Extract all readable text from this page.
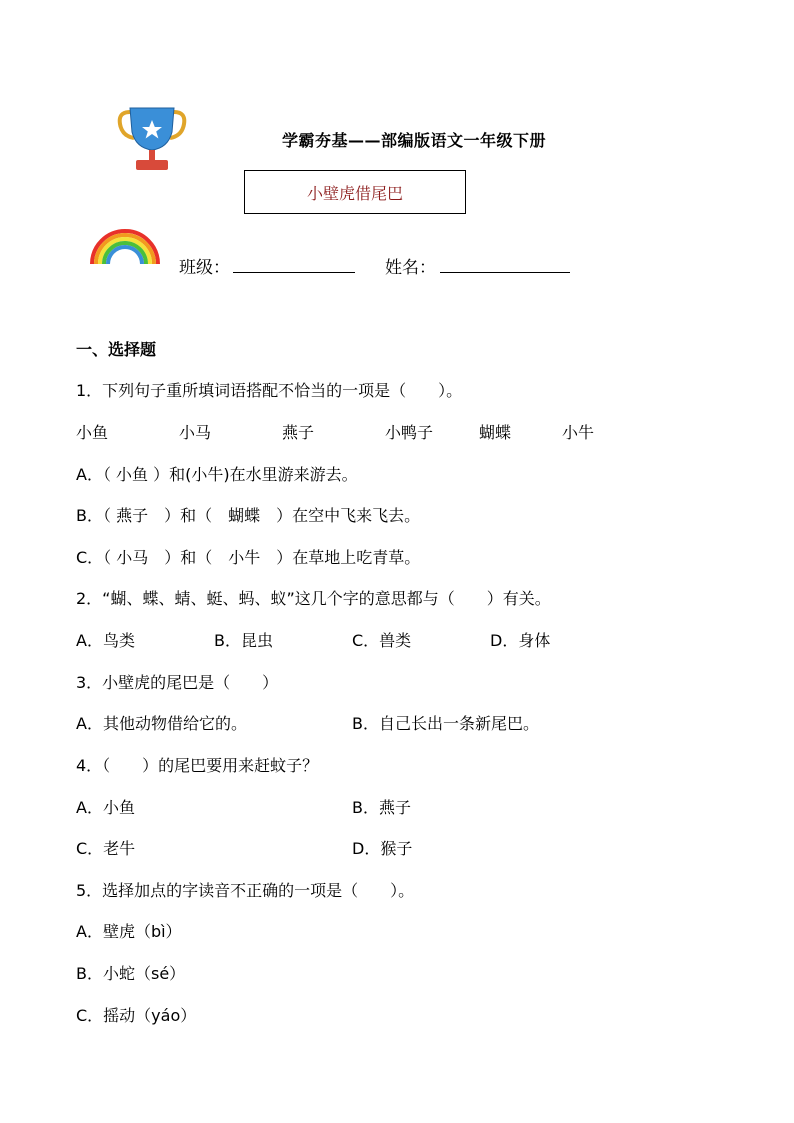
学霸夯基——部编版语文一年级下册
小壁虎借尾巴
班级：	姓名：
一、选择题
1．下列句子重所填词语搭配不恰当的一项是（　　）。
小鱼	小马	燕子	小鸭子	蝴蝶	小牛
A．（ 小鱼 ）和(小牛)在水里游来游去。
B．（ 燕子　）和（　蝴蝶　）在空中飞来飞去。
C．（ 小马　）和（　小牛　）在草地上吃青草。
2．“蝴、蝶、蜻、蜓、蚂、蚁”这几个字的意思都与（　　）有关。
A．鸟类	B．昆虫	C．兽类	D．身体
3．小壁虎的尾巴是（　　）
A．其他动物借给它的。	B．自己长出一条新尾巴。
4．（　　）的尾巴要用来赶蚊子？
A．小鱼	B．燕子
C．老牛	D．猴子
5．选择加点的字读音不正确的一项是（　　）。
A．壁虎（bì）
B．小蛇（sé）
C．摇动（yáo）
